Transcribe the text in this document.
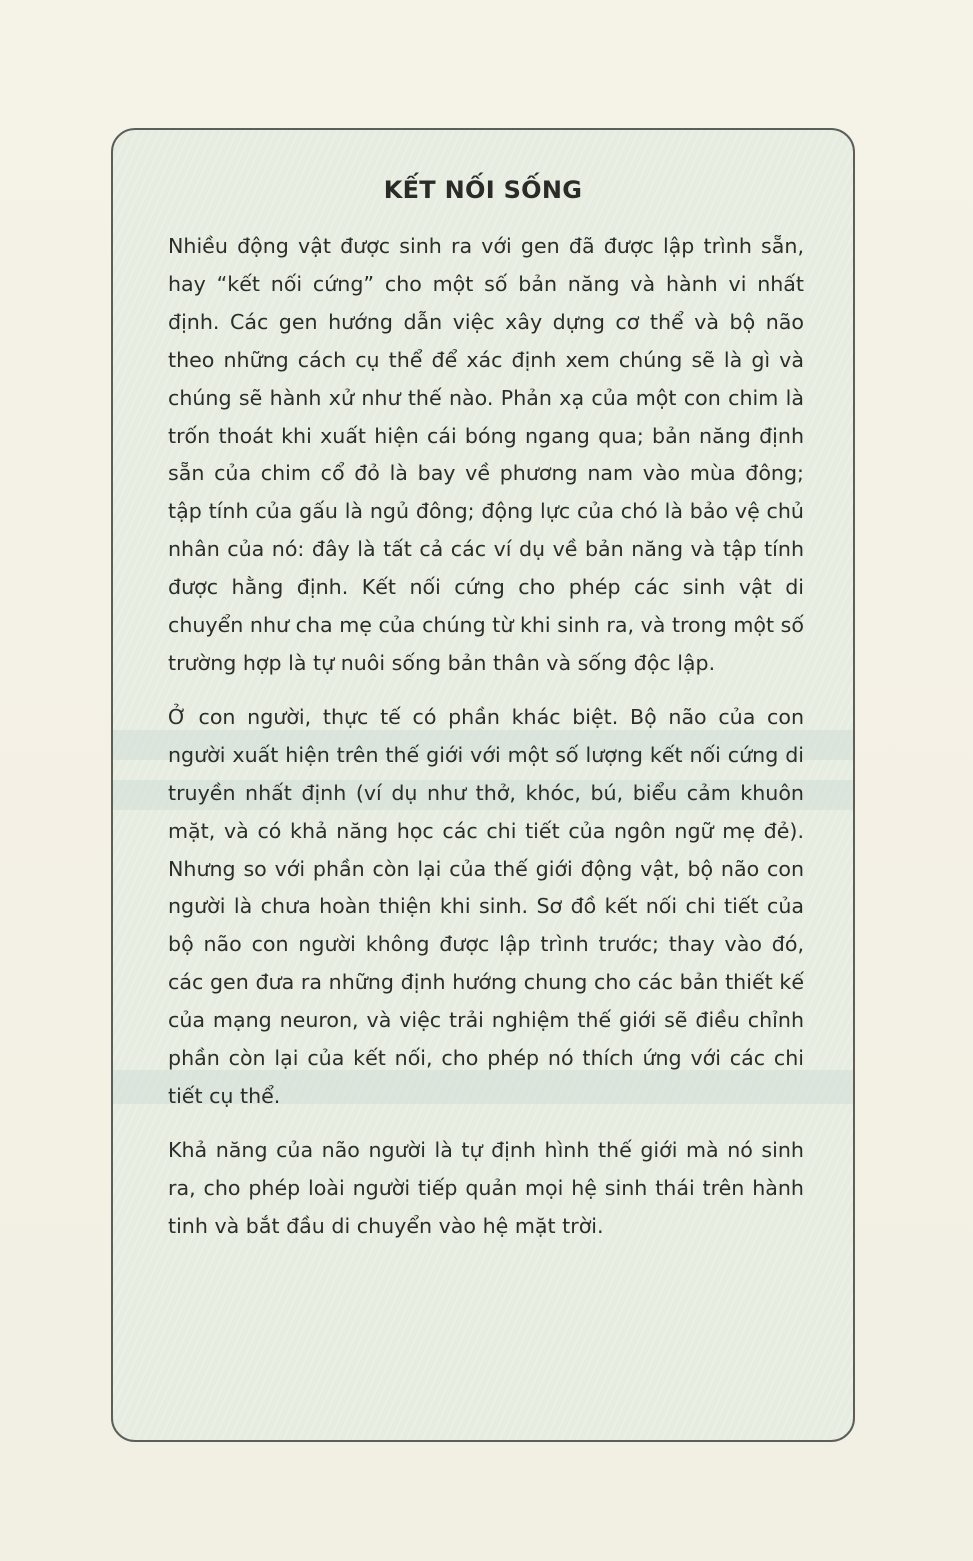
KẾT NỐI SỐNG

Nhiều động vật được sinh ra với gen đã được lập trình sẵn, hay “kết nối cứng” cho một số bản năng và hành vi nhất định. Các gen hướng dẫn việc xây dựng cơ thể và bộ não theo những cách cụ thể để xác định xem chúng sẽ là gì và chúng sẽ hành xử như thế nào. Phản xạ của một con chim là trốn thoát khi xuất hiện cái bóng ngang qua; bản năng định sẵn của chim cổ đỏ là bay về phương nam vào mùa đông; tập tính của gấu là ngủ đông; động lực của chó là bảo vệ chủ nhân của nó: đây là tất cả các ví dụ về bản năng và tập tính được hằng định. Kết nối cứng cho phép các sinh vật di chuyển như cha mẹ của chúng từ khi sinh ra, và trong một số trường hợp là tự nuôi sống bản thân và sống độc lập.

Ở con người, thực tế có phần khác biệt. Bộ não của con người xuất hiện trên thế giới với một số lượng kết nối cứng di truyền nhất định (ví dụ như thở, khóc, bú, biểu cảm khuôn mặt, và có khả năng học các chi tiết của ngôn ngữ mẹ đẻ). Nhưng so với phần còn lại của thế giới động vật, bộ não con người là chưa hoàn thiện khi sinh. Sơ đồ kết nối chi tiết của bộ não con người không được lập trình trước; thay vào đó, các gen đưa ra những định hướng chung cho các bản thiết kế của mạng neuron, và việc trải nghiệm thế giới sẽ điều chỉnh phần còn lại của kết nối, cho phép nó thích ứng với các chi tiết cụ thể.

Khả năng của não người là tự định hình thế giới mà nó sinh ra, cho phép loài người tiếp quản mọi hệ sinh thái trên hành tinh và bắt đầu di chuyển vào hệ mặt trời.
